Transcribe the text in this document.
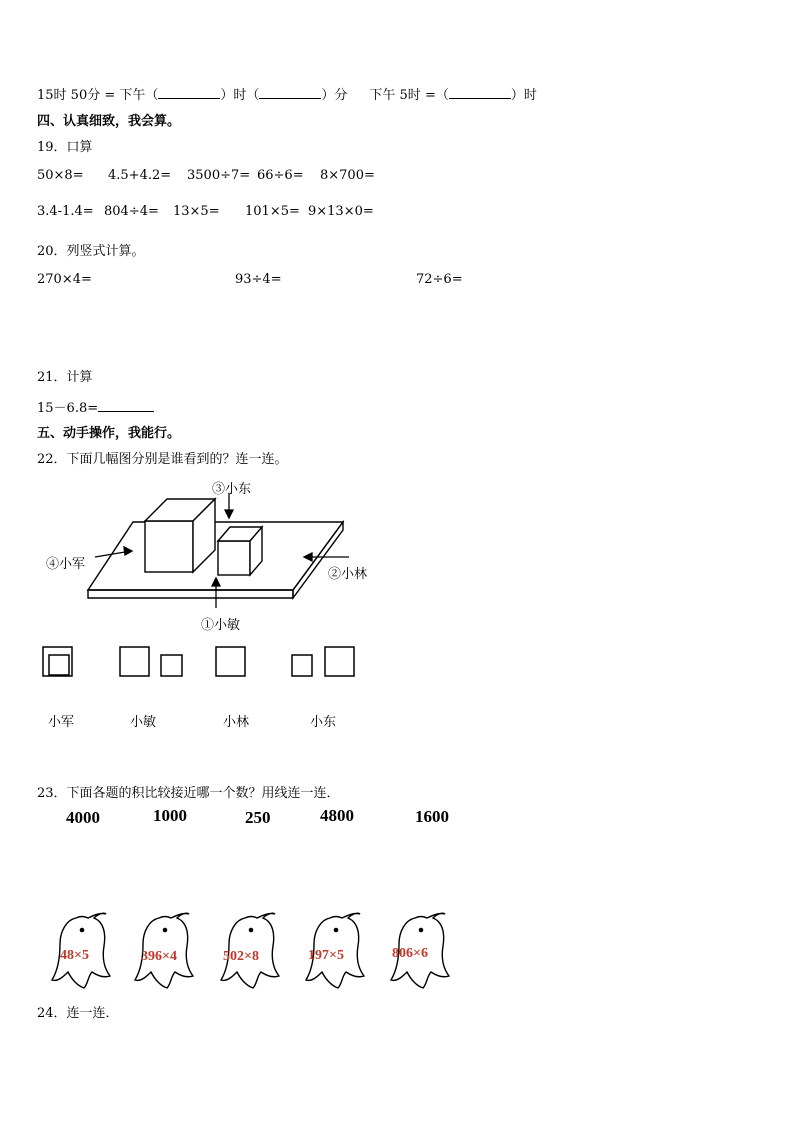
15时 50分 = 下午（	）时（	）分 下午 5时 =（	）时
四、认真细致，我会算。
19．口算
50×8= 4.5+4.2= 3500÷7= 66÷6= 8×700=
3.4-1.4= 804÷4= 13×5= 101×5= 9×13×0=
20．列竖式计算。
270×4=	93÷4=	72÷6=
21．计算
15－6.8=
五、动手操作，我能行。
22．下面几幅图分别是谁看到的？连一连。
③小东
②小林
④小军
①小敏
小军	小敏	小林	小东
23．下面各题的积比较接近哪一个数？用线连一连．
4000	1000	250	4800	1600
48×5	396×4	502×8	197×5	806×6
24．连一连．
